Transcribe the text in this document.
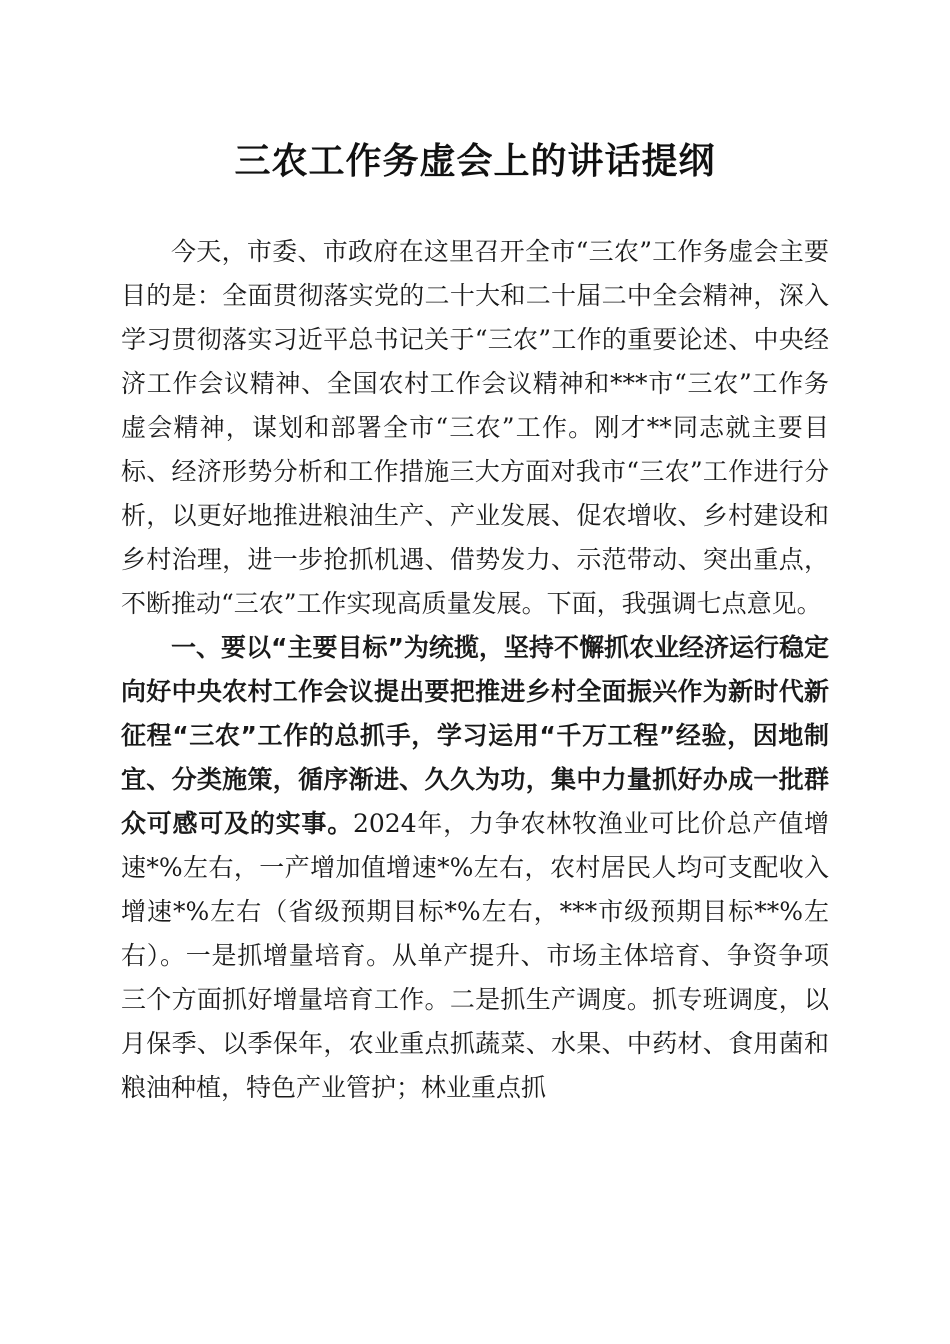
三农工作务虚会上的讲话提纲

今天，市委、市政府在这里召开全市“三农”工作务虚会主要目的是：全面贯彻落实党的二十大和二十届二中全会精神，深入学习贯彻落实习近平总书记关于“三农”工作的重要论述、中央经济工作会议精神、全国农村工作会议精神和***市“三农”工作务虚会精神，谋划和部署全市“三农”工作。刚才**同志就主要目标、经济形势分析和工作措施三大方面对我市“三农”工作进行分析，以更好地推进粮油生产、产业发展、促农增收、乡村建设和乡村治理，进一步抢抓机遇、借势发力、示范带动、突出重点，不断推动“三农”工作实现高质量发展。下面，我强调七点意见。

一、要以“主要目标”为统揽，坚持不懈抓农业经济运行稳定向好中央农村工作会议提出要把推进乡村全面振兴作为新时代新征程“三农”工作的总抓手，学习运用“千万工程”经验，因地制宜、分类施策，循序渐进、久久为功，集中力量抓好办成一批群众可感可及的实事。2024年，力争农林牧渔业可比价总产值增速*%左右，一产增加值增速*%左右，农村居民人均可支配收入增速*%左右（省级预期目标*%左右，***市级预期目标**%左右）。一是抓增量培育。从单产提升、市场主体培育、争资争项三个方面抓好增量培育工作。二是抓生产调度。抓专班调度，以月保季、以季保年，农业重点抓蔬菜、水果、中药材、食用菌和粮油种植，特色产业管护；林业重点抓
